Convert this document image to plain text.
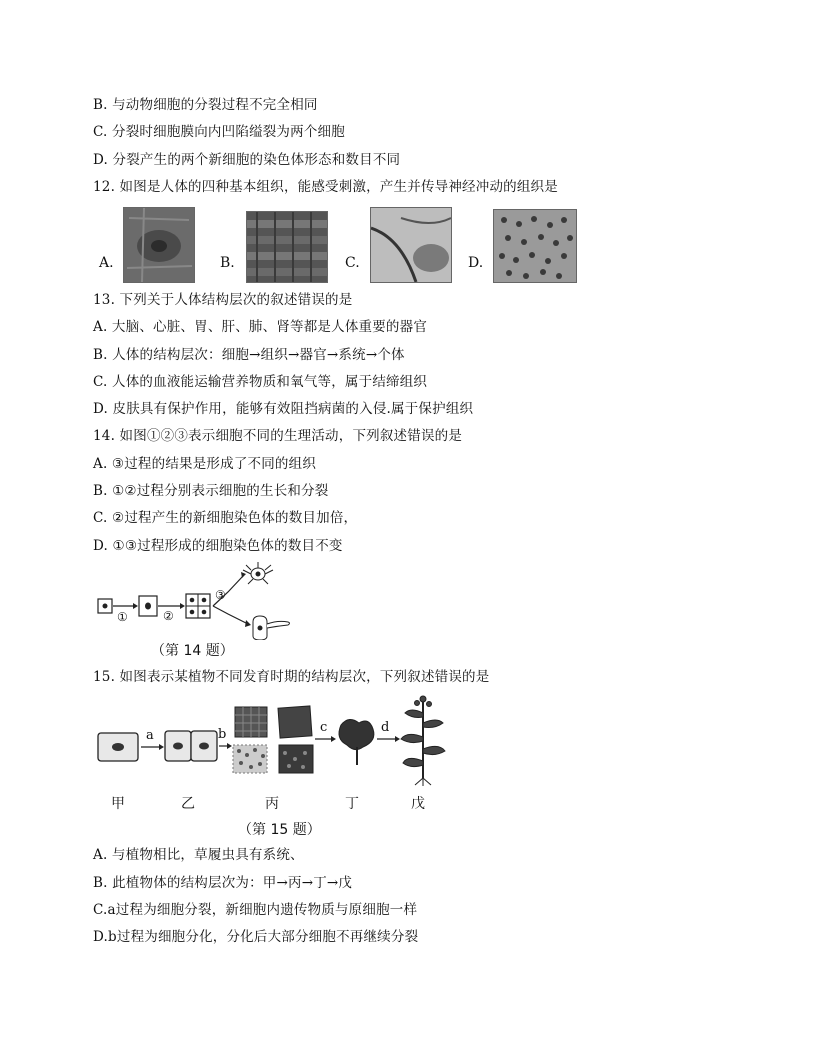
B. 与动物细胞的分裂过程不完全相同
C. 分裂时细胞膜向内凹陷缢裂为两个细胞
D. 分裂产生的两个新细胞的染色体形态和数目不同
12. 如图是人体的四种基本组织，能感受刺激，产生并传导神经冲动的组织是
A.	B.	C.	D.
13. 下列关于人体结构层次的叙述错误的是
A. 大脑、心脏、胃、肝、肺、肾等都是人体重要的器官
B. 人体的结构层次：细胞→组织→器官→系统→个体
C. 人体的血液能运输营养物质和氧气等，属于结缔组织
D. 皮肤具有保护作用，能够有效阻挡病菌的入侵.属于保护组织
14. 如图①②③表示细胞不同的生理活动，下列叙述错误的是
A. ③过程的结果是形成了不同的组织
B. ①②过程分别表示细胞的生长和分裂
C. ②过程产生的新细胞染色体的数目加倍，
D. ①③过程形成的细胞染色体的数目不变
①	②
③
（第 14 题）
15. 如图表示某植物不同发育时期的结构层次，下列叙述错误的是
a	b	c	d
甲	乙	丙	丁	戊
（第 15 题）
A. 与植物相比，草履虫具有系统、
B. 此植物体的结构层次为：甲→丙→丁→戊
C.a过程为细胞分裂，新细胞内遗传物质与原细胞一样
D.b过程为细胞分化，分化后大部分细胞不再继续分裂
